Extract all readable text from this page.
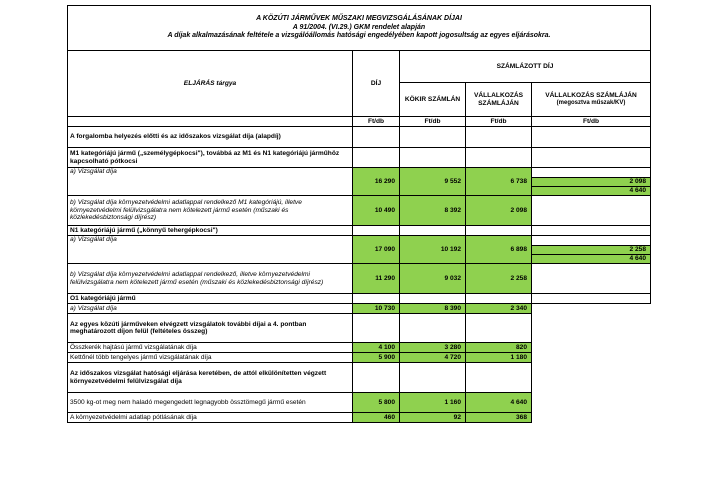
A KÖZÚTI JÁRMŰVEK MŰSZAKI MEGVIZSGÁLÁSÁNAK DÍJAI
A 91/2004. (VI.29.) GKM rendelet alapján
A díjak alkalmazásának feltétele a vizsgálóállomás hatósági engedélyében kapott jogosultság az egyes eljárásokra.				

ELJÁRÁS tárgya	DÍJ	SZÁMLÁZOTT DÍJ		
		KÖKIR SZÁMLÁN	VÁLLALKOZÁS SZÁMLÁJÁN	VÁLLALKOZÁS SZÁMLÁJÁN
(megosztva műszak/KV)

	Ft/db	Ft/db	Ft/db	Ft/db
A forgalomba helyezés előtti és az időszakos vizsgálat díja (alapdíj)				
M1 kategóriájú jármű („személygépkocsi"), továbbá az M1 és N1 kategóriájú járműhöz kapcsolható pótkocsi				
a) Vizsgálat díja	16 290	9 552	6 738	
				2 098
				4 640
b) Vizsgálat díja környezetvédelmi adatlappal rendelkező M1 kategóriájú, illetve környezetvédelmi felülvizsgálatra nem kötelezett jármű esetén (műszaki és közlekedésbiztonsági díjrész)	10 490	8 392	2 098	
N1 kategóriájú jármű („könnyű tehergépkocsi")				
a) Vizsgálat díja	17 090	10 192	6 898	
				2 258
				4 640
b) Vizsgálat díja környezetvédelmi adatlappal rendelkező, illetve környezetvédelmi felülvizsgálatra nem kötelezett jármű esetén (műszaki és közlekedésbiztonsági díjrész)	11 290	9 032	2 258	
O1 kategóriájú jármű				
a) Vizsgálat díja	10 730	8 390	2 340	
Az egyes közúti járműveken elvégzett vizsgálatok további díjai a 4. pontban meghatározott díjon felül (feltételes összeg)				
Összkerék hajtású jármű vizsgálatának díja	4 100	3 280	820	
Kettőnél több tengelyes jármű vizsgálatának díja	5 900	4 720	1 180	
Az időszakos vizsgálat hatósági eljárása keretében, de attól elkülönítetten végzett környezetvédelmi felülvizsgálat díja				
3500 kg-ot meg nem haladó megengedett legnagyobb össztömegű jármű esetén	5 800	1 160	4 640	
A környezetvédelmi adatlap pótlásának díja	460	92	368	
